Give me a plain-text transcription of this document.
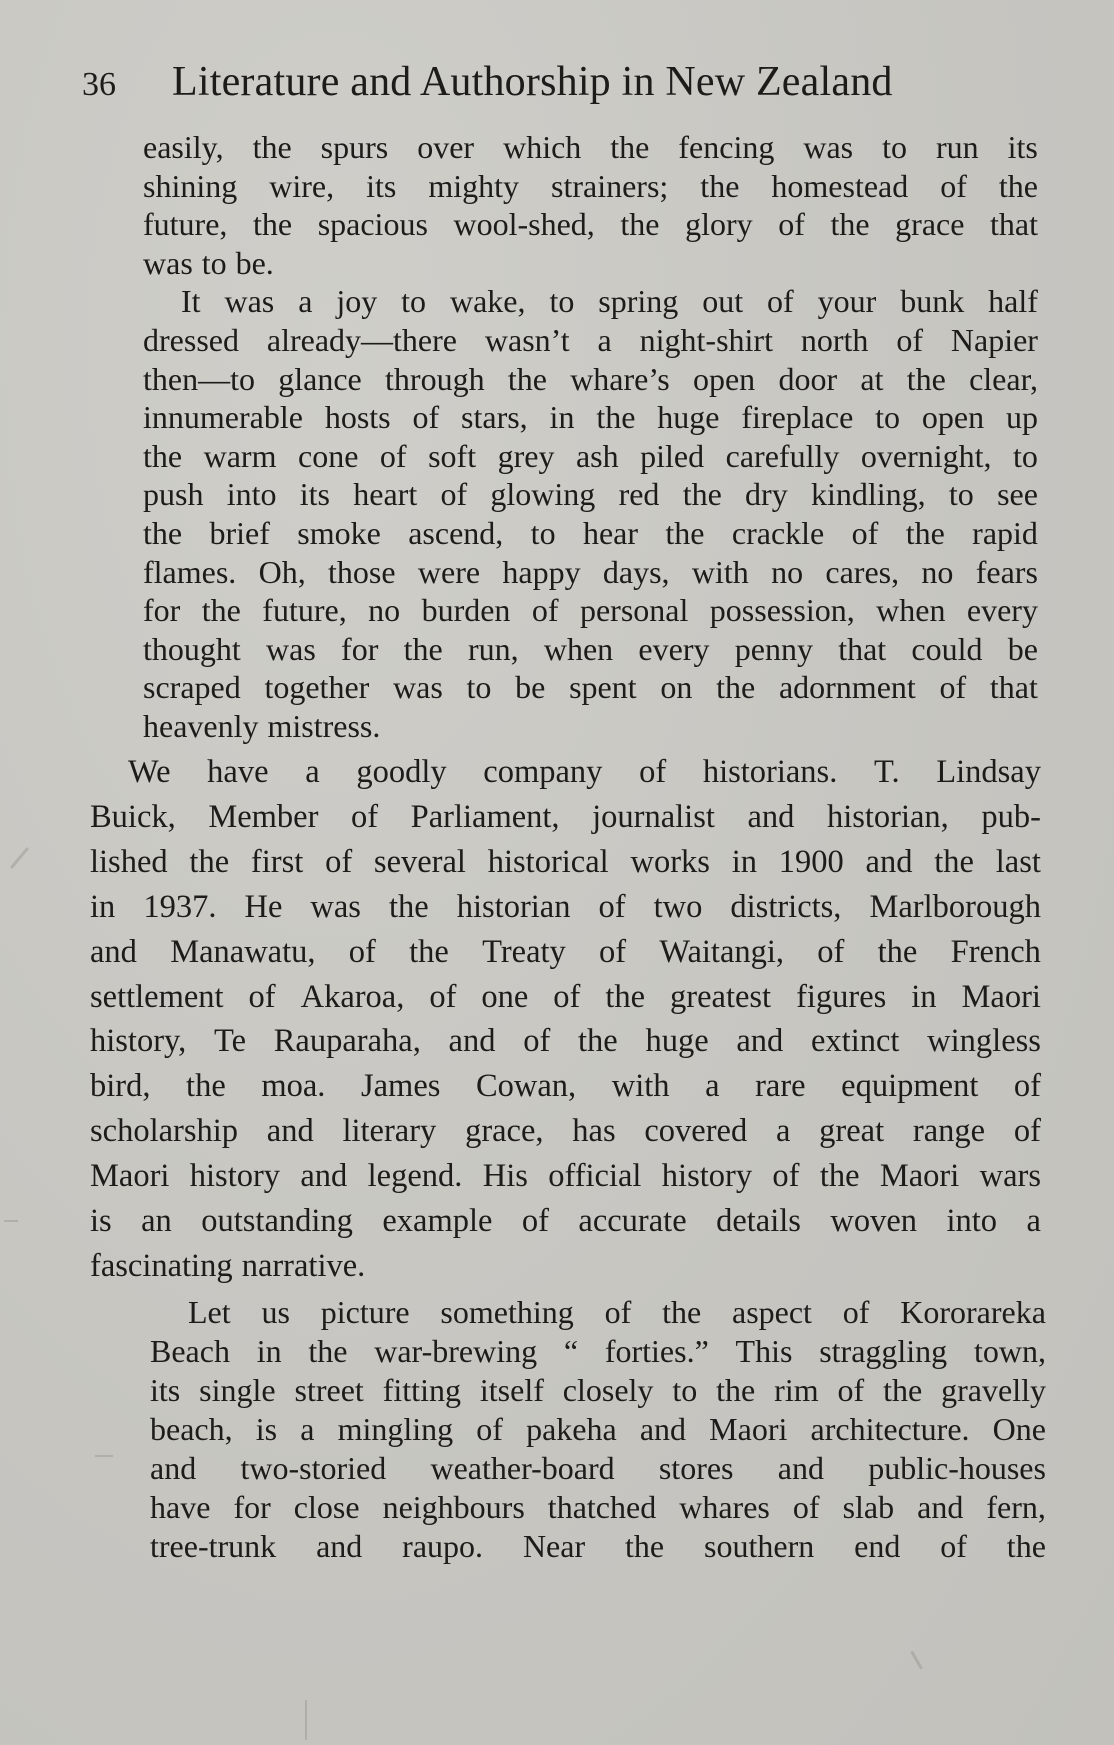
36 Literature and Authorship in New Zealand
easily, the spurs over which the fencing was to run its
shining wire, its mighty strainers; the homestead of the
future, the spacious wool-shed, the glory of the grace that
was to be.
It was a joy to wake, to spring out of your bunk half
dressed already—there wasn’t a night-shirt north of Napier
then—to glance through the whare’s open door at the clear,
innumerable hosts of stars, in the huge fireplace to open up
the warm cone of soft grey ash piled carefully overnight, to
push into its heart of glowing red the dry kindling, to see
the brief smoke ascend, to hear the crackle of the rapid
flames. Oh, those were happy days, with no cares, no fears
for the future, no burden of personal possession, when every
thought was for the run, when every penny that could be
scraped together was to be spent on the adornment of that
heavenly mistress.
We have a goodly company of historians. T. Lindsay
Buick, Member of Parliament, journalist and historian, pub-
lished the first of several historical works in 1900 and the last
in 1937. He was the historian of two districts, Marlborough
and Manawatu, of the Treaty of Waitangi, of the French
settlement of Akaroa, of one of the greatest figures in Maori
history, Te Rauparaha, and of the huge and extinct wingless
bird, the moa. James Cowan, with a rare equipment of
scholarship and literary grace, has covered a great range of
Maori history and legend. His official history of the Maori wars
is an outstanding example of accurate details woven into a
fascinating narrative.
Let us picture something of the aspect of Kororareka
Beach in the war-brewing “ forties.” This straggling town,
its single street fitting itself closely to the rim of the gravelly
beach, is a mingling of pakeha and Maori architecture. One
and two-storied weather-board stores and public-houses
have for close neighbours thatched whares of slab and fern,
tree-trunk and raupo. Near the southern end of the
